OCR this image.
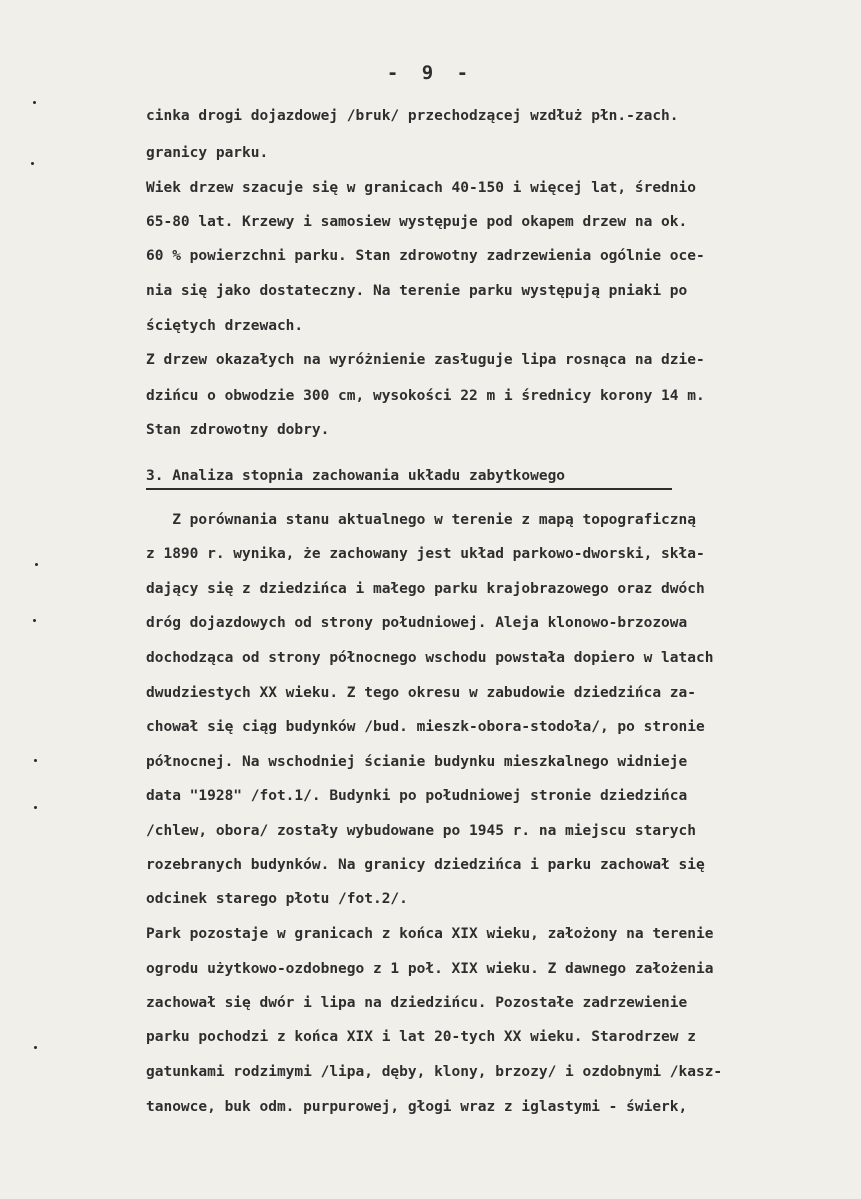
- 9 -
cinka drogi dojazdowej /bruk/ przechodzącej wzdłuż płn.-zach.
granicy parku.
Wiek drzew szacuje się w granicach 40-150 i więcej lat, średnio
65-80 lat. Krzewy i samosiew występuje pod okapem drzew na ok.
60 % powierzchni parku. Stan zdrowotny zadrzewienia ogólnie oce-
nia się jako dostateczny. Na terenie parku występują pniaki po
ściętych drzewach.
Z drzew okazałych na wyróżnienie zasługuje lipa rosnąca na dzie-
dzińcu o obwodzie 300 cm, wysokości 22 m i średnicy korony 14 m.
Stan zdrowotny dobry.
3. Analiza stopnia zachowania układu zabytkowego
Z porównania stanu aktualnego w terenie z mapą topograficzną
z 1890 r. wynika, że zachowany jest układ parkowo-dworski, skła-
dający się z dziedzińca i małego parku krajobrazowego oraz dwóch
dróg dojazdowych od strony południowej. Aleja klonowo-brzozowa
dochodząca od strony północnego wschodu powstała dopiero w latach
dwudziestych XX wieku. Z tego okresu w zabudowie dziedzińca za-
chował się ciąg budynków /bud. mieszk-obora-stodoła/, po stronie
północnej. Na wschodniej ścianie budynku mieszkalnego widnieje
data "1928" /fot.1/. Budynki po południowej stronie dziedzińca
/chlew, obora/ zostały wybudowane po 1945 r. na miejscu starych
rozebranych budynków. Na granicy dziedzińca i parku zachował się
odcinek starego płotu /fot.2/.
Park pozostaje w granicach z końca XIX wieku, założony na terenie
ogrodu użytkowo-ozdobnego z 1 poł. XIX wieku. Z dawnego założenia
zachował się dwór i lipa na dziedzińcu. Pozostałe zadrzewienie
parku pochodzi z końca XIX i lat 20-tych XX wieku. Starodrzew z
gatunkami rodzimymi /lipa, dęby, klony, brzozy/ i ozdobnymi /kasz-
tanowce, buk odm. purpurowej, głogi wraz z iglastymi - świerk,
